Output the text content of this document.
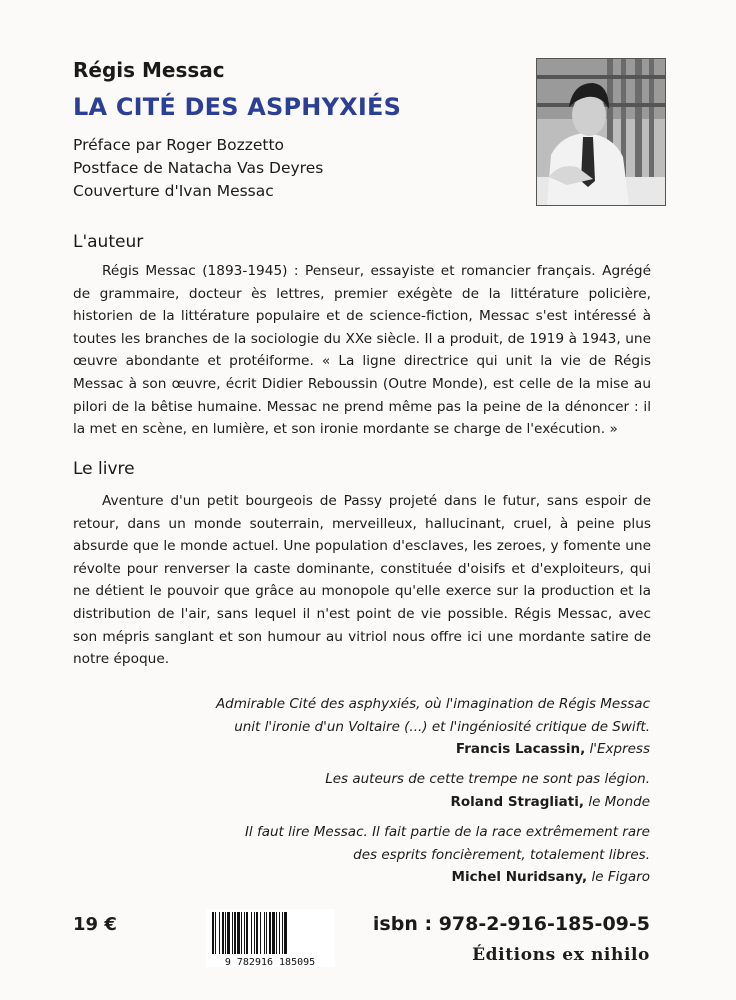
Régis Messac
LA CITÉ DES ASPHYXIÉS
Préface par Roger Bozzetto
Postface de Natacha Vas Deyres
Couverture d'Ivan Messac
L'auteur
Régis Messac (1893-1945) : Penseur, essayiste et romancier français. Agrégé de grammaire, docteur ès lettres, premier exégète de la littérature policière, historien de la littérature populaire et de science-fiction, Messac s'est intéressé à toutes les branches de la sociologie du XXe siècle. Il a produit, de 1919 à 1943, une œuvre abondante et protéiforme. « La ligne directrice qui unit la vie de Régis Messac à son œuvre, écrit Didier Reboussin (Outre Monde), est celle de la mise au pilori de la bêtise humaine. Messac ne prend même pas la peine de la dénoncer : il la met en scène, en lumière, et son ironie mordante se charge de l'exécution. »
Le livre
Aventure d'un petit bourgeois de Passy projeté dans le futur, sans espoir de retour, dans un monde souterrain, merveilleux, hallucinant, cruel, à peine plus absurde que le monde actuel. Une population d'esclaves, les zeroes, y fomente une révolte pour renverser la caste dominante, constituée d'oisifs et d'exploiteurs, qui ne détient le pouvoir que grâce au monopole qu'elle exerce sur la production et la distribution de l'air, sans lequel il n'est point de vie possible. Régis Messac, avec son mépris sanglant et son humour au vitriol nous offre ici une mordante satire de notre époque.
Admirable Cité des asphyxiés, où l'imagination de Régis Messac
unit l'ironie d'un Voltaire (...) et l'ingéniosité critique de Swift.
Francis Lacassin, l'Express
Les auteurs de cette trempe ne sont pas légion.
Roland Stragliati, le Monde
Il faut lire Messac. Il fait partie de la race extrêmement rare
des esprits foncièrement, totalement libres.
Michel Nuridsany, le Figaro
19 €
9 782916 185095
isbn : 978-2-916-185-09-5
Éditions ex nihilo
